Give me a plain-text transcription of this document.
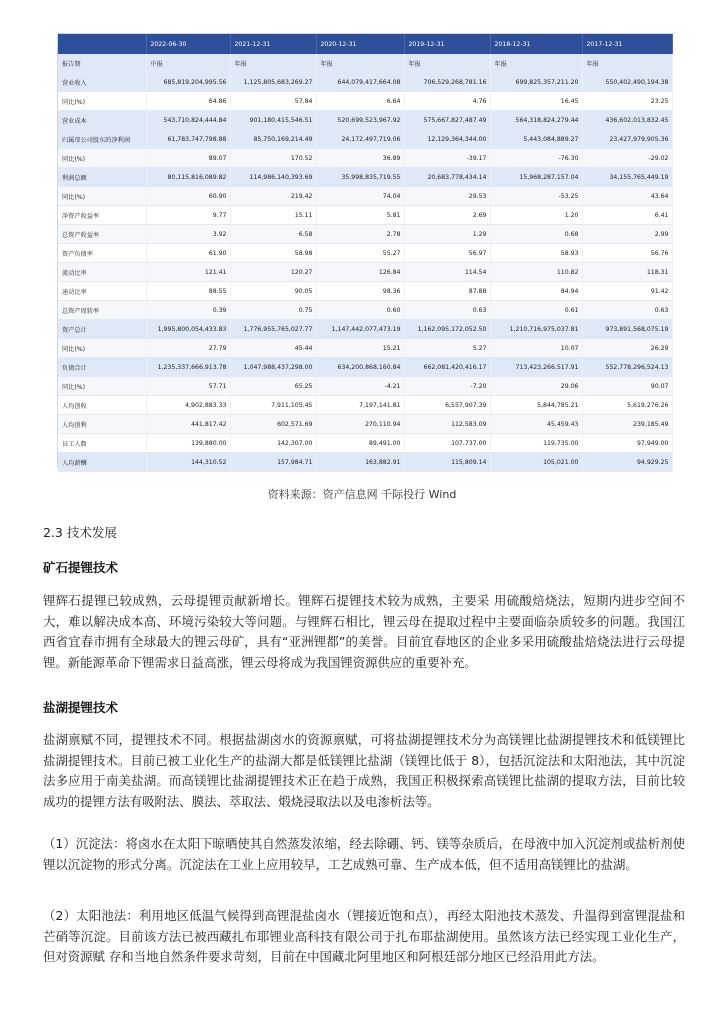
	2022-06-30	2021-12-31	2020-12-31	2019-12-31	2018-12-31	2017-12-31
报告期	中报	年报	年报	年报	年报	年报
营业收入	685,819,204,995.56	1,125,805,683,269.27	644,079,417,664.08	706,529,268,781.16	699,825,357,211.20	550,402,490,194.38
同比(%)	64.86	57.84	6.64	4.76	16.45	23.25
营业成本	543,710,824,444.84	901,180,415,546.51	520,699,523,967.92	575,667,827,487.49	564,318,824,279.44	436,602,013,832.45
归属母公司股东的净利润	61,783,747,798.88	85,750,169,214.49	24,172,497,719.06	12,129,364,344.00	5,443,084,889.27	23,427,979,905.36
同比(%)	89.07	170.52	36.89	-39.17	-76.30	-29.02
利润总额	80,115,816,089.82	114,986,140,393.69	35,998,835,719.55	20,683,778,434.14	15,968,287,157.04	34,155,765,449.19
同比(%)	60.90	219.42	74.04	29.53	-53.25	43.64
净资产收益率	9.77	15.11	5.81	2.69	1.20	6.41
总资产收益率	3.92	6.58	2.78	1.29	0.68	2.99
资产负债率	61.90	58.98	55.27	56.97	58.93	56.76
流动比率	121.41	120.27	126.84	114.54	110.82	118.31
速动比率	88.55	90.05	98.36	87.88	84.94	91.42
总资产周转率	0.39	0.75	0.60	0.63	0.61	0.63
资产总计	1,995,800,054,433.83	1,776,955,765,027.77	1,147,442,077,473.19	1,162,095,172,052.50	1,210,716,975,037.81	973,891,568,075.19
同比(%)	27.79	45.44	15.21	5.27	10.07	26.29
负债合计	1,235,337,666,913.78	1,047,988,437,298.00	634,200,868,160.84	662,081,420,416.17	713,423,266,517.91	552,778,296,524.13
同比(%)	57.71	65.25	-4.21	-7.20	29.06	90.07
人均创收	4,902,883.33	7,911,105.45	7,197,141.81	6,557,907.39	5,844,785.21	5,619,276.26
人均创利	441,817.42	602,571.69	270,110.94	112,583.09	45,459.43	239,185.49
员工人数	139,880.00	142,307.00	89,491.00	107,737.00	119,735.00	97,949.00
人均薪酬	144,310.52	157,984.71	163,882.91	115,809.14	105,021.00	94,929.25
资料来源：资产信息网 千际投行 Wind
2.3 技术发展
矿石提锂技术
锂辉石提锂已较成熟，云母提锂贡献新增长。锂辉石提锂技术较为成熟，主要采 用硫酸焙烧法，短期内进步空间不大，难以解决成本高、环境污染较大等问题。与锂辉石相比，锂云母在提取过程中主要面临杂质较多的问题。我国江西省宜春市拥有全球最大的锂云母矿，具有“亚洲锂都”的美誉。目前宜春地区的企业多采用硫酸盐焙烧法进行云母提锂。新能源革命下锂需求日益高涨，锂云母将成为我国锂资源供应的重要补充。
盐湖提锂技术
盐湖禀赋不同，提锂技术不同。根据盐湖卤水的资源禀赋，可将盐湖提锂技术分为高镁锂比盐湖提锂技术和低镁锂比盐湖提锂技术。目前已被工业化生产的盐湖大都是低镁锂比盐湖（镁锂比低于 8），包括沉淀法和太阳池法，其中沉淀法多应用于南美盐湖。而高镁锂比盐湖提锂技术正在趋于成熟，我国正积极探索高镁锂比盐湖的提取方法，目前比较成功的提锂方法有吸附法、膜法、萃取法、煅烧浸取法以及电渗析法等。
（1）沉淀法：将卤水在太阳下晾晒使其自然蒸发浓缩，经去除硼、钙、镁等杂质后，在母液中加入沉淀剂或盐析剂使锂以沉淀物的形式分离。沉淀法在工业上应用较早，工艺成熟可靠、生产成本低，但不适用高镁锂比的盐湖。
（2）太阳池法：利用地区低温气候得到高锂混盐卤水（锂接近饱和点），再经太阳池技术蒸发、升温得到富锂混盐和芒硝等沉淀。目前该方法已被西藏扎布耶锂业高科技有限公司于扎布耶盐湖使用。虽然该方法已经实现工业化生产，但对资源赋 存和当地自然条件要求苛刻，目前在中国藏北阿里地区和阿根廷部分地区已经沿用此方法。
